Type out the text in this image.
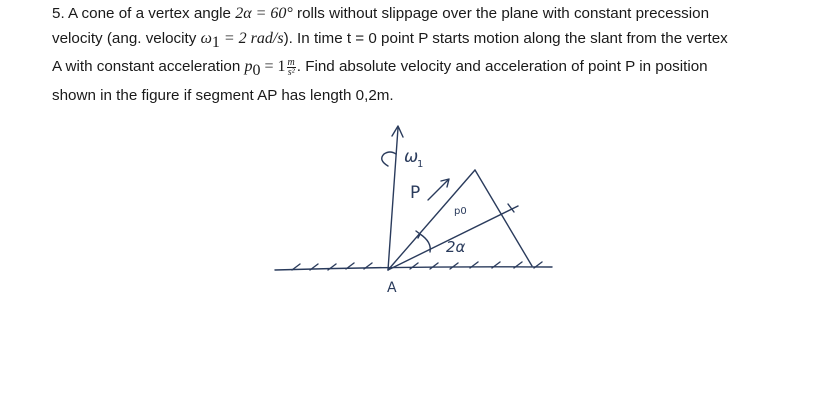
5. A cone of a vertex angle 2α = 60° rolls without slippage over the plane with constant precession
velocity (ang. velocity $\omega_1 = 2$ rad/s). In time t = 0 point P starts motion along the slant from the vertex
A with constant acceleration $p_0 = 1 \frac{m}{\text{s²}}$ . Find absolute velocity and acceleration of point P in position
shown in the figure if segment AP has length 0,2m.
ω
1
P
p0
2α
A
